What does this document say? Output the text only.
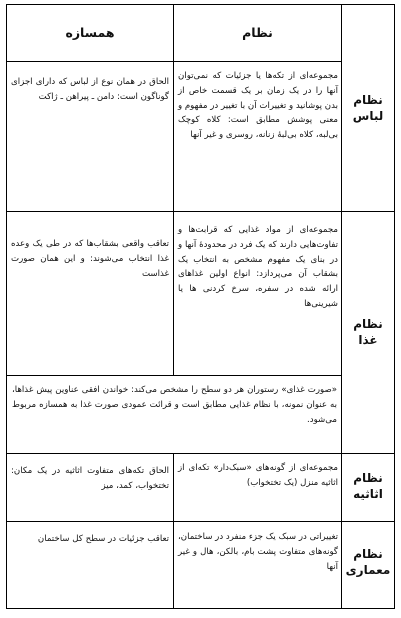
نظام
همسازه
نظام
لباس
مجموعه‌ای از تکه‌ها یا جزئیات که نمی‌توان آنها را در یک زمان بر یک قسمت خاص از بدن پوشانید و تغییرات آن با تغییر در مفهوم و معنی پوشش مطابق است: کلاه کوچک بی‌لبه، کلاه بی‌لبهٔ زنانه، روسری و غیر آنها
الحاق در همان نوع از لباس که دارای اجزای گوناگون است: دامن ـ پیراهن ـ ژاکت
نظام
غذا
مجموعه‌ای از مواد غذایی که قرابت‌ها و تفاوت‌هایی دارند که یک فرد در محدودهٔ آنها و در بنای یک مفهوم مشخص به انتخاب یک بشقاب آن می‌پردازد: انواع اولین غذاهای ارائه شده در سفره، سرخ کردنی ها یا شیرینی‌ها
تعاقب واقعی بشقاب‌ها که در طی یک وعده غذا انتخاب می‌شوند: و این همان صورت غذاست
«صورت غذای» رستوران هر دو سطح را مشخص می‌کند: خواندن افقی عناوین پیش غذاها، به عنوان نمونه، با نظام غذایی مطابق است و قرائت عمودی صورت غذا به همسازه مربوط می‌شود.
نظام
اثاثیه
مجموعه‌ای از گونه‌های «سبک‌دار» تکه‌ای از اثاثیه منزل (یک تختخواب)
الحاق تکه‌های متفاوت اثاثیه در یک مکان: تختخواب، کمد، میز
نظام
معماری
تغییراتی در سبک یک جزء منفرد در ساختمان، گونه‌های متفاوت پشت بام، بالکن، هال و غیر آنها
تعاقب جزئیات در سطح کل ساختمان
